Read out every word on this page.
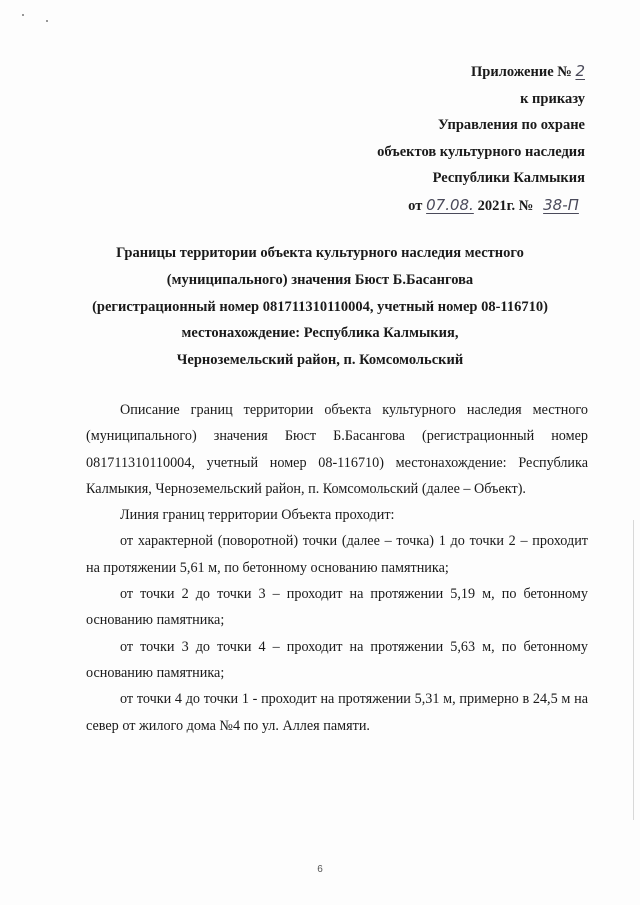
Приложение № 2
к приказу
Управления по охране
объектов культурного наследия
Республики Калмыкия
от 07.08. 2021г. № 38-П
Границы территории объекта культурного наследия местного
(муниципального) значения Бюст Б.Басангова
(регистрационный номер 081711310110004, учетный номер 08-116710)
местонахождение: Республика Калмыкия,
Черноземельский район, п. Комсомольский

Описание границ территории объекта культурного наследия местного (муниципального) значения Бюст Б.Басангова (регистрационный номер 081711310110004, учетный номер 08-116710) местонахождение: Республика Калмыкия, Черноземельский район, п. Комсомольский (далее – Объект).

Линия границ территории Объекта проходит:

от характерной (поворотной) точки (далее – точка) 1 до точки 2 – проходит на протяжении 5,61 м, по бетонному основанию памятника;

от точки 2 до точки 3 – проходит на протяжении 5,19 м, по бетонному основанию памятника;

от точки 3 до точки 4 – проходит на протяжении 5,63 м, по бетонному основанию памятника;

от точки 4 до точки 1 - проходит на протяжении 5,31 м, примерно в 24,5 м на север от жилого дома №4 по ул. Аллея памяти.

6
